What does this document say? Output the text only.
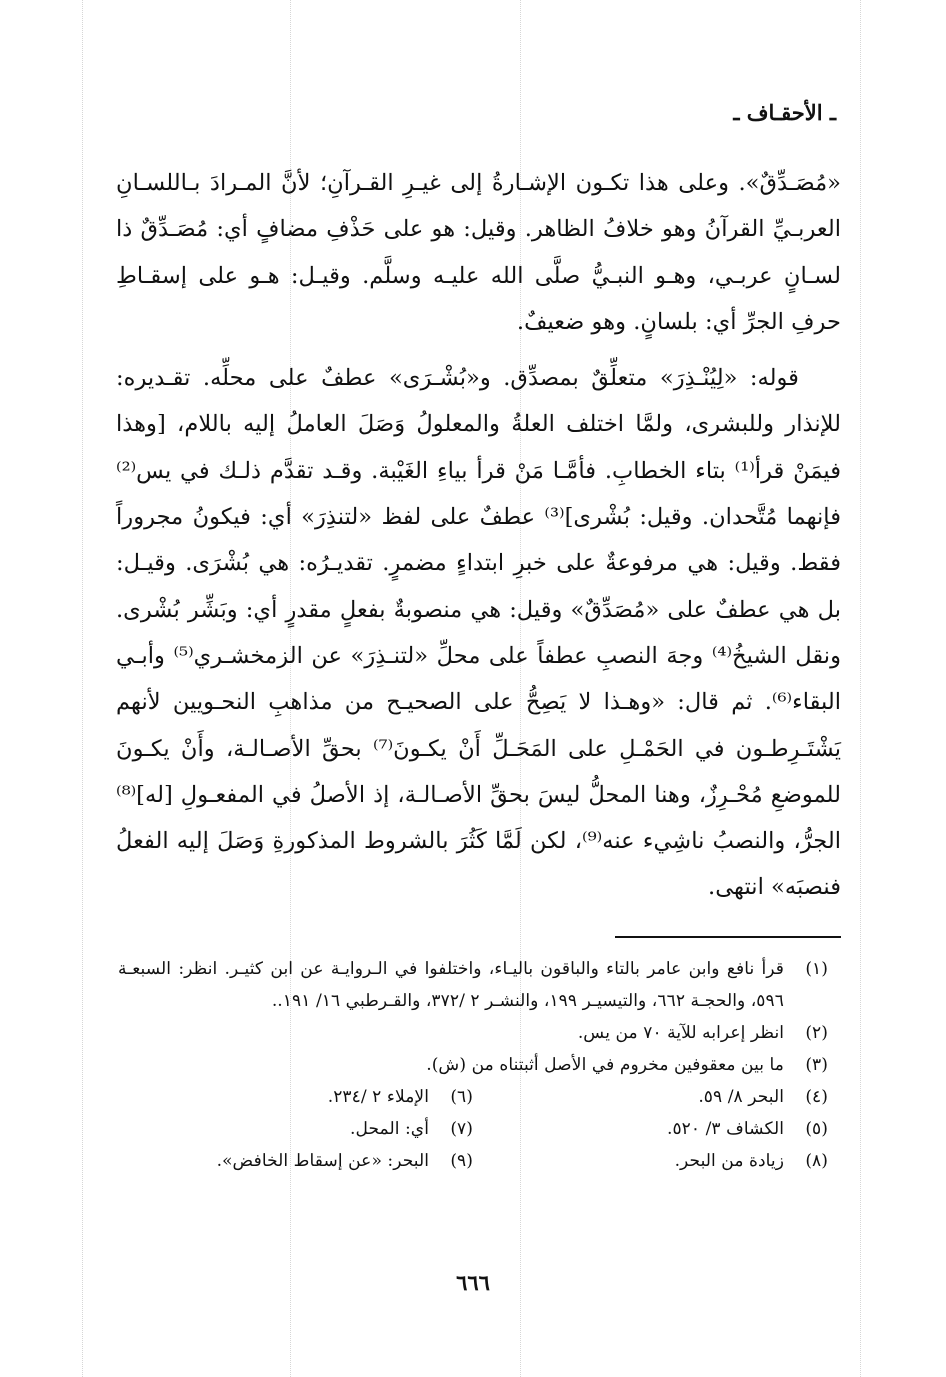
ـ الأحقـاف ـ

«مُصَـدِّقٌ». وعلى هذا تكـون الإشـارةُ إلى غيـرِ القـرآنِ؛ لأنَّ المـرادَ بـاللسـانِ العربـيِّ القرآنُ وهو خلافُ الظاهر. وقيل: هو على حَذْفِ مضافٍ أي: مُصَـدِّقٌ ذا لسـانٍ عربـي، وهـو النبـيُّ صلَّى الله عليـه وسلَّم. وقيـل: هـو على إسقـاطِ حرفِ الجرِّ أي: بلسانٍ. وهو ضعيفٌ.

قوله: «لِيُنْـذِرَ» متعلِّقٌ بمصدِّق. و«بُشْـرَى» عطفٌ على محلِّه. تقـديره: للإنذار وللبشرى، ولمَّا اختلف العلةُ والمعلولُ وَصَلَ العاملُ إليه باللام، [وهذا فيمَنْ قرأ⁽¹⁾ بتاء الخطابِ. فأمَّـا مَنْ قرأ بياءِ الغَيْبة. وقـد تقدَّم ذلـك في يس⁽²⁾ فإنهما مُتَّحدان. وقيل: بُشْرى]⁽³⁾ عطفٌ على لفظ «لتنذِرَ» أي: فيكونُ مجروراً فقط. وقيل: هي مرفوعةٌ على خبرِ ابتداءٍ مضمرٍ. تقديـرُه: هي بُشْرَى. وقيـل: بل هي عطفٌ على «مُصَدِّقٌ» وقيل: هي منصوبةٌ بفعلٍ مقدرٍ أي: وبَشِّر بُشْرى. ونقل الشيخُ⁽⁴⁾ وجهَ النصبِ عطفاً على محلِّ «لتنـذِرَ» عن الزمخشـري⁽⁵⁾ وأبـي البقاء⁽⁶⁾. ثم قال: «وهـذا لا يَصِحُّ على الصحيـح من مذاهبِ النحـويين لأنهم يَشْتَـرِطـون في الحَمْـلِ على المَحَـلِّ أَنْ يكـونَ⁽⁷⁾ بحقِّ الأصـالـة، وأَنْ يكـونَ للموضعِ مُحْـرِزٌ، وهنا المحلُّ ليسَ بحقِّ الأصـالـة، إذ الأصلُ في المفعـولِ [له]⁽⁸⁾ الجرُّ، والنصبُ ناشِيء عنه⁽⁹⁾، لكن لَمَّا كَثُرَ بالشروط المذكورةِ وَصَلَ إليه الفعلُ فنصبَه» انتهى.

(١)
قرأ نافع وابن عامر بالتاء والباقون باليـاء، واختلفوا في الـروايـة عن ابن كثيـر. انظر: السبعـة ٥٩٦، والحجـة ٦٦٢، والتيسيـر ١٩٩، والنشـر ٢ /٣٧٢، والقـرطبي ١٦/ ١٩١..
(٢)
انظر إعرابه للآية ٧٠ من يس.
(٣)
ما بين معقوفين مخروم في الأصل أثبتناه من (ش).
(٤)
البحر ٨/ ٥٩.
(٦)
الإملاء ٢ /٢٣٤.
(٥)
الكشاف ٣/ ٥٢٠.
(٧)
أي: المحل.
(٨)
زيادة من البحر.
(٩)
البحر: «عن إسقاط الخافض».
٦٦٦
